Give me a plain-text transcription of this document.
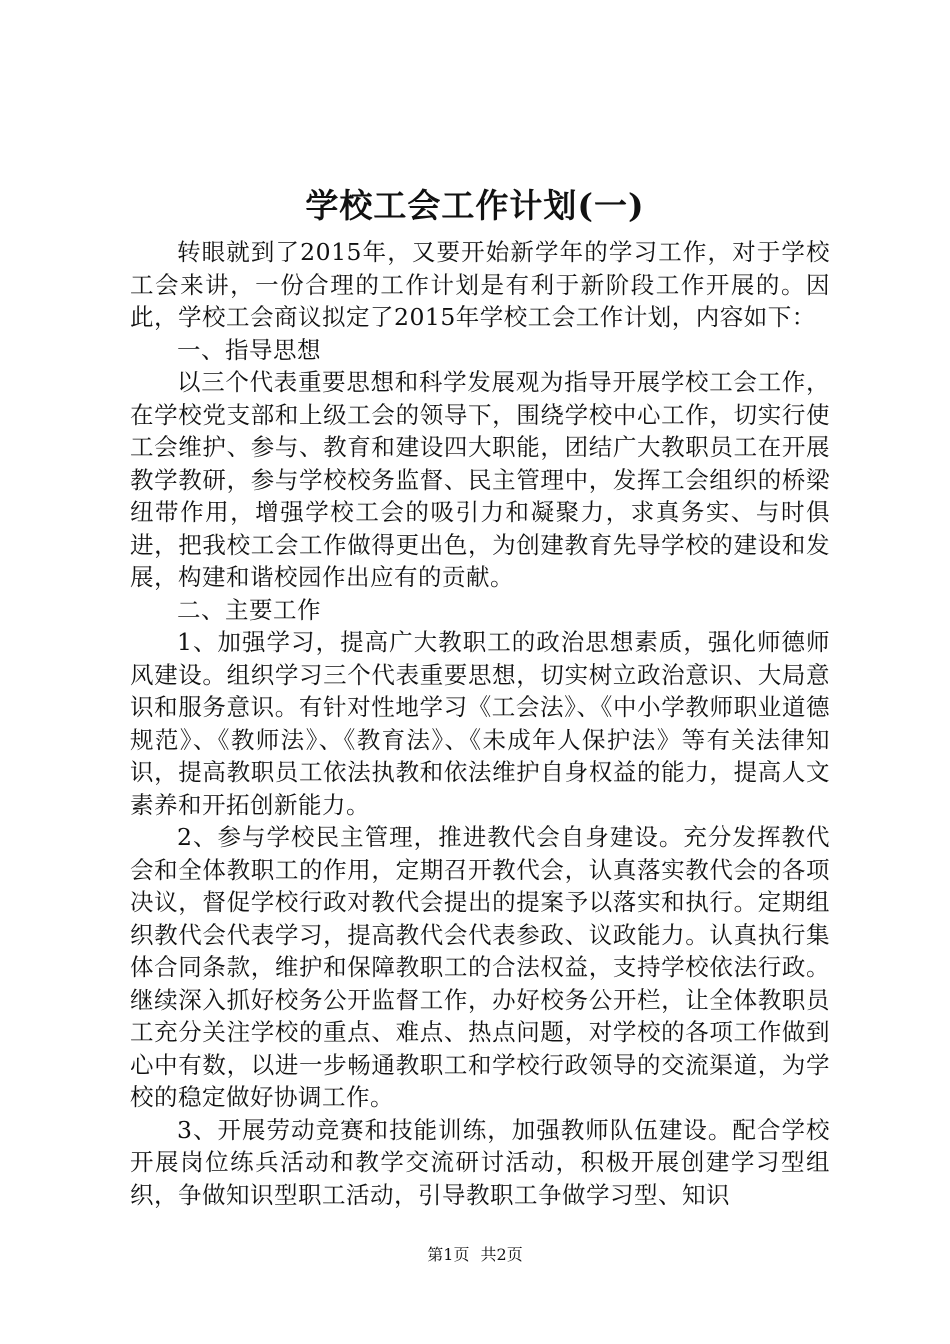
学校工会工作计划(一)

转眼就到了2015年，又要开始新学年的学习工作，对于学校工会来讲，一份合理的工作计划是有利于新阶段工作开展的。因此，学校工会商议拟定了2015年学校工会工作计划，内容如下：

一、指导思想

以三个代表重要思想和科学发展观为指导开展学校工会工作，在学校党支部和上级工会的领导下，围绕学校中心工作，切实行使工会维护、参与、教育和建设四大职能，团结广大教职员工在开展教学教研，参与学校校务监督、民主管理中，发挥工会组织的桥梁纽带作用，增强学校工会的吸引力和凝聚力，求真务实、与时俱进，把我校工会工作做得更出色，为创建教育先导学校的建设和发展，构建和谐校园作出应有的贡献。

二、主要工作

1、加强学习，提高广大教职工的政治思想素质，强化师德师风建设。组织学习三个代表重要思想，切实树立政治意识、大局意识和服务意识。有针对性地学习《工会法》、《中小学教师职业道德规范》、《教师法》、《教育法》、《未成年人保护法》等有关法律知识，提高教职员工依法执教和依法维护自身权益的能力，提高人文素养和开拓创新能力。

2、参与学校民主管理，推进教代会自身建设。充分发挥教代会和全体教职工的作用，定期召开教代会，认真落实教代会的各项决议，督促学校行政对教代会提出的提案予以落实和执行。定期组织教代会代表学习，提高教代会代表参政、议政能力。认真执行集体合同条款，维护和保障教职工的合法权益，支持学校依法行政。继续深入抓好校务公开监督工作，办好校务公开栏，让全体教职员工充分关注学校的重点、难点、热点问题，对学校的各项工作做到心中有数，以进一步畅通教职工和学校行政领导的交流渠道，为学校的稳定做好协调工作。

3、开展劳动竞赛和技能训练，加强教师队伍建设。配合学校开展岗位练兵活动和教学交流研讨活动，积极开展创建学习型组织，争做知识型职工活动，引导教职工争做学习型、知识

第1页 共2页
